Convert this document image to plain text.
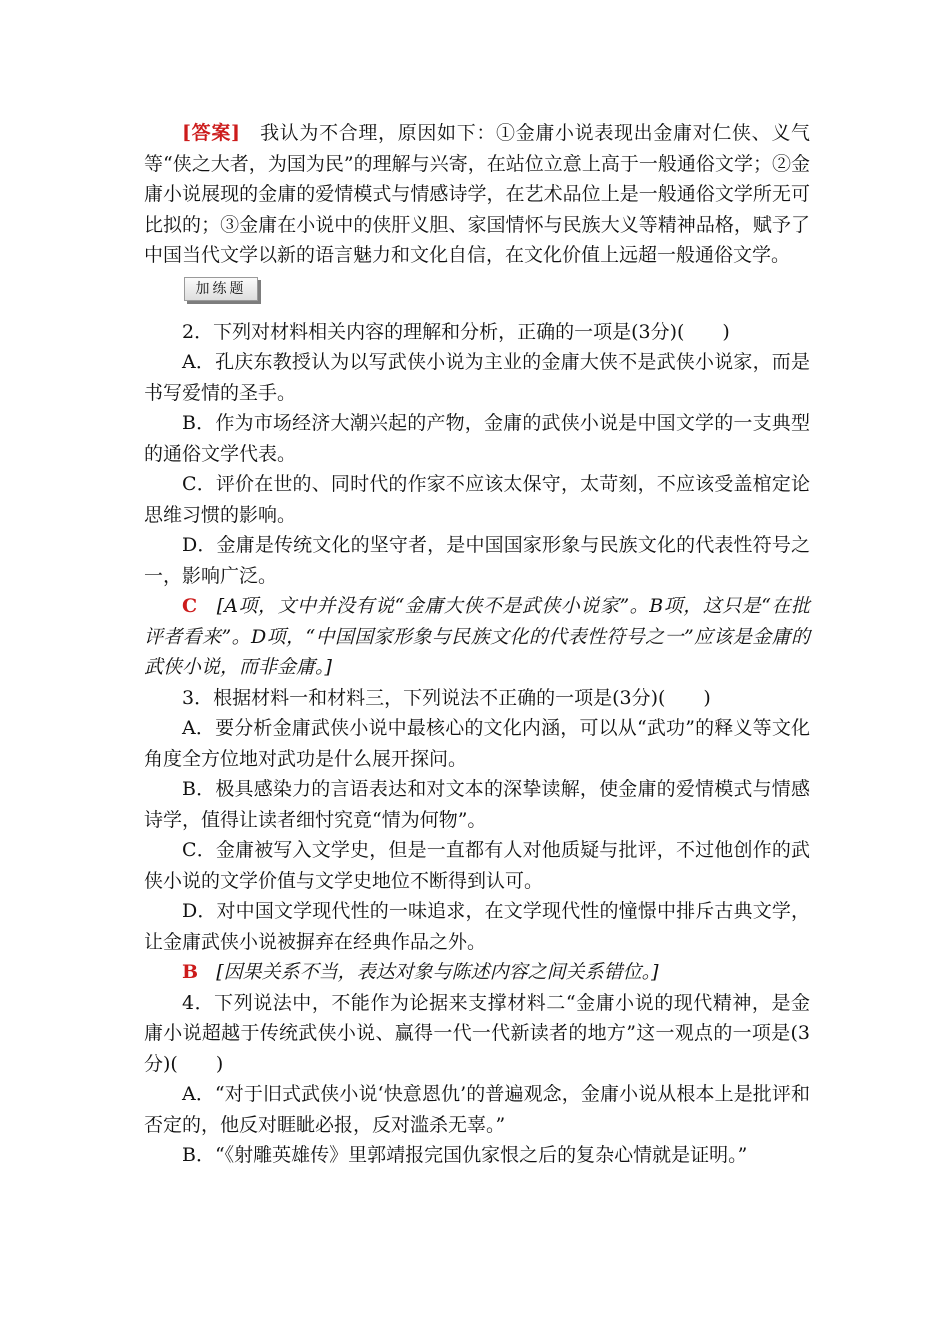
[答案] 我认为不合理，原因如下：①金庸小说表现出金庸对仁侠、义气等“侠之大者，为国为民”的理解与兴寄，在站位立意上高于一般通俗文学；②金庸小说展现的金庸的爱情模式与情感诗学，在艺术品位上是一般通俗文学所无可比拟的；③金庸在小说中的侠肝义胆、家国情怀与民族大义等精神品格，赋予了中国当代文学以新的语言魅力和文化自信，在文化价值上远超一般通俗文学。

加练题

2．下列对材料相关内容的理解和分析，正确的一项是(3分)(　　)

A．孔庆东教授认为以写武侠小说为主业的金庸大侠不是武侠小说家，而是书写爱情的圣手。

B．作为市场经济大潮兴起的产物，金庸的武侠小说是中国文学的一支典型的通俗文学代表。

C．评价在世的、同时代的作家不应该太保守，太苛刻，不应该受盖棺定论思维习惯的影响。

D．金庸是传统文化的坚守者，是中国国家形象与民族文化的代表性符号之一，影响广泛。

C [A项，文中并没有说“金庸大侠不是武侠小说家”。B项，这只是“在批评者看来”。D项，“中国国家形象与民族文化的代表性符号之一”应该是金庸的武侠小说，而非金庸。]

3．根据材料一和材料三，下列说法不正确的一项是(3分)(　　)

A．要分析金庸武侠小说中最核心的文化内涵，可以从“武功”的释义等文化角度全方位地对武功是什么展开探问。

B．极具感染力的言语表达和对文本的深挚读解，使金庸的爱情模式与情感诗学，值得让读者细忖究竟“情为何物”。

C．金庸被写入文学史，但是一直都有人对他质疑与批评，不过他创作的武侠小说的文学价值与文学史地位不断得到认可。

D．对中国文学现代性的一味追求，在文学现代性的憧憬中排斥古典文学，让金庸武侠小说被摒弃在经典作品之外。

B [因果关系不当，表达对象与陈述内容之间关系错位。]

4．下列说法中，不能作为论据来支撑材料二“金庸小说的现代精神，是金庸小说超越于传统武侠小说、赢得一代一代新读者的地方”这一观点的一项是(3分)(　　)

A．“对于旧式武侠小说‘快意恩仇’的普遍观念，金庸小说从根本上是批评和否定的，他反对睚眦必报，反对滥杀无辜。”

B．“《射雕英雄传》里郭靖报完国仇家恨之后的复杂心情就是证明。”
